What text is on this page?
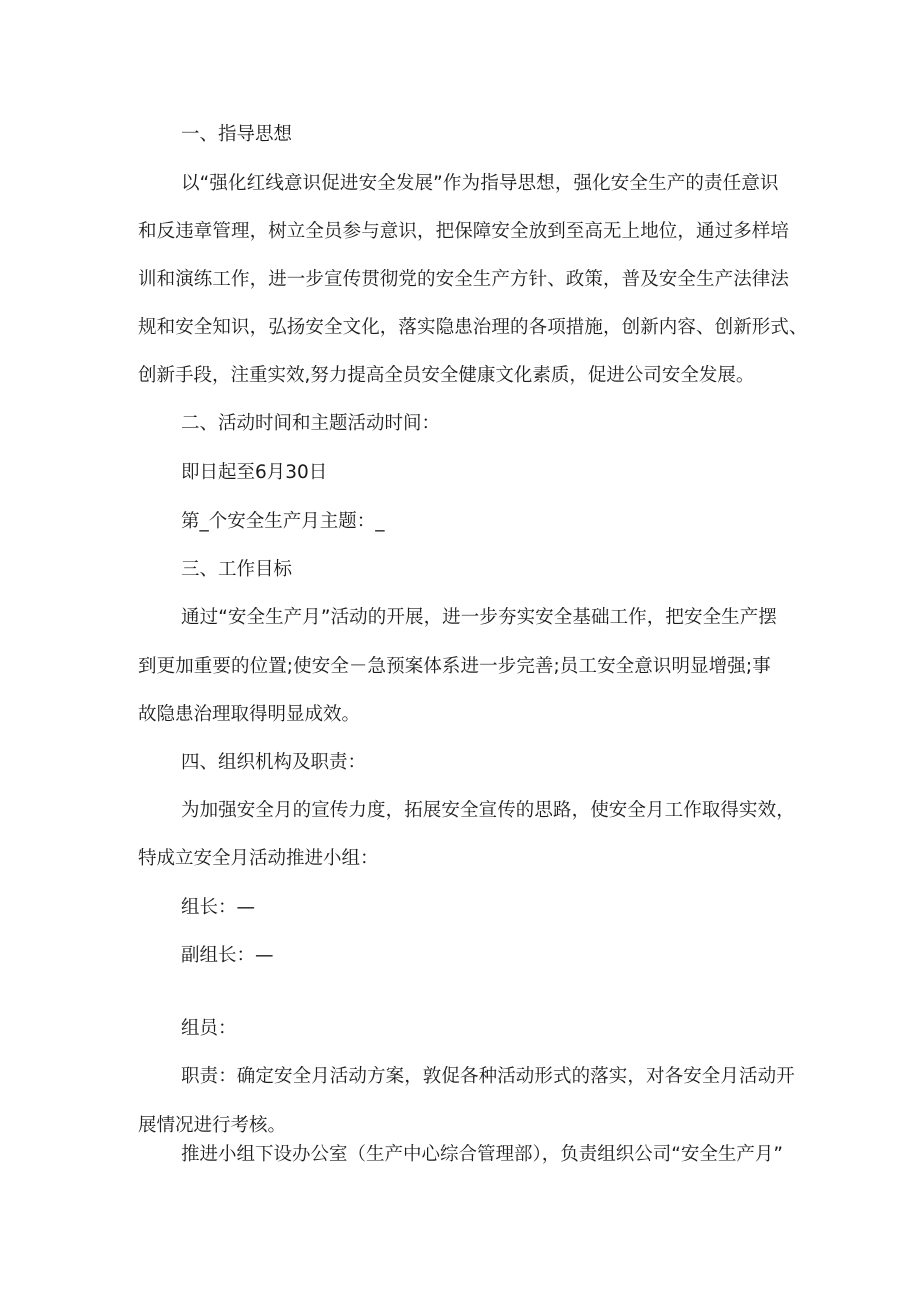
一、指导思想

以“强化红线意识促进安全发展”作为指导思想，强化安全生产的责任意识

和反违章管理，树立全员参与意识，把保障安全放到至高无上地位，通过多样培

训和演练工作，进一步宣传贯彻党的安全生产方针、政策，普及安全生产法律法

规和安全知识，弘扬安全文化，落实隐患治理的各项措施，创新内容、创新形式、

创新手段，注重实效,努力提高全员安全健康文化素质，促进公司安全发展。

二、活动时间和主题活动时间：

即日起至6月30日

第_个安全生产月主题：_

三、工作目标

通过“安全生产月”活动的开展，进一步夯实安全基础工作，把安全生产摆

到更加重要的位置;使安全－急预案体系进一步完善;员工安全意识明显增强;事

故隐患治理取得明显成效。

四、组织机构及职责：

为加强安全月的宣传力度，拓展安全宣传的思路，使安全月工作取得实效，

特成立安全月活动推进小组：

组长：—

副组长：—

组员：

职责：确定安全月活动方案，敦促各种活动形式的落实，对各安全月活动开

展情况进行考核。

推进小组下设办公室（生产中心综合管理部），负责组织公司“安全生产月”
